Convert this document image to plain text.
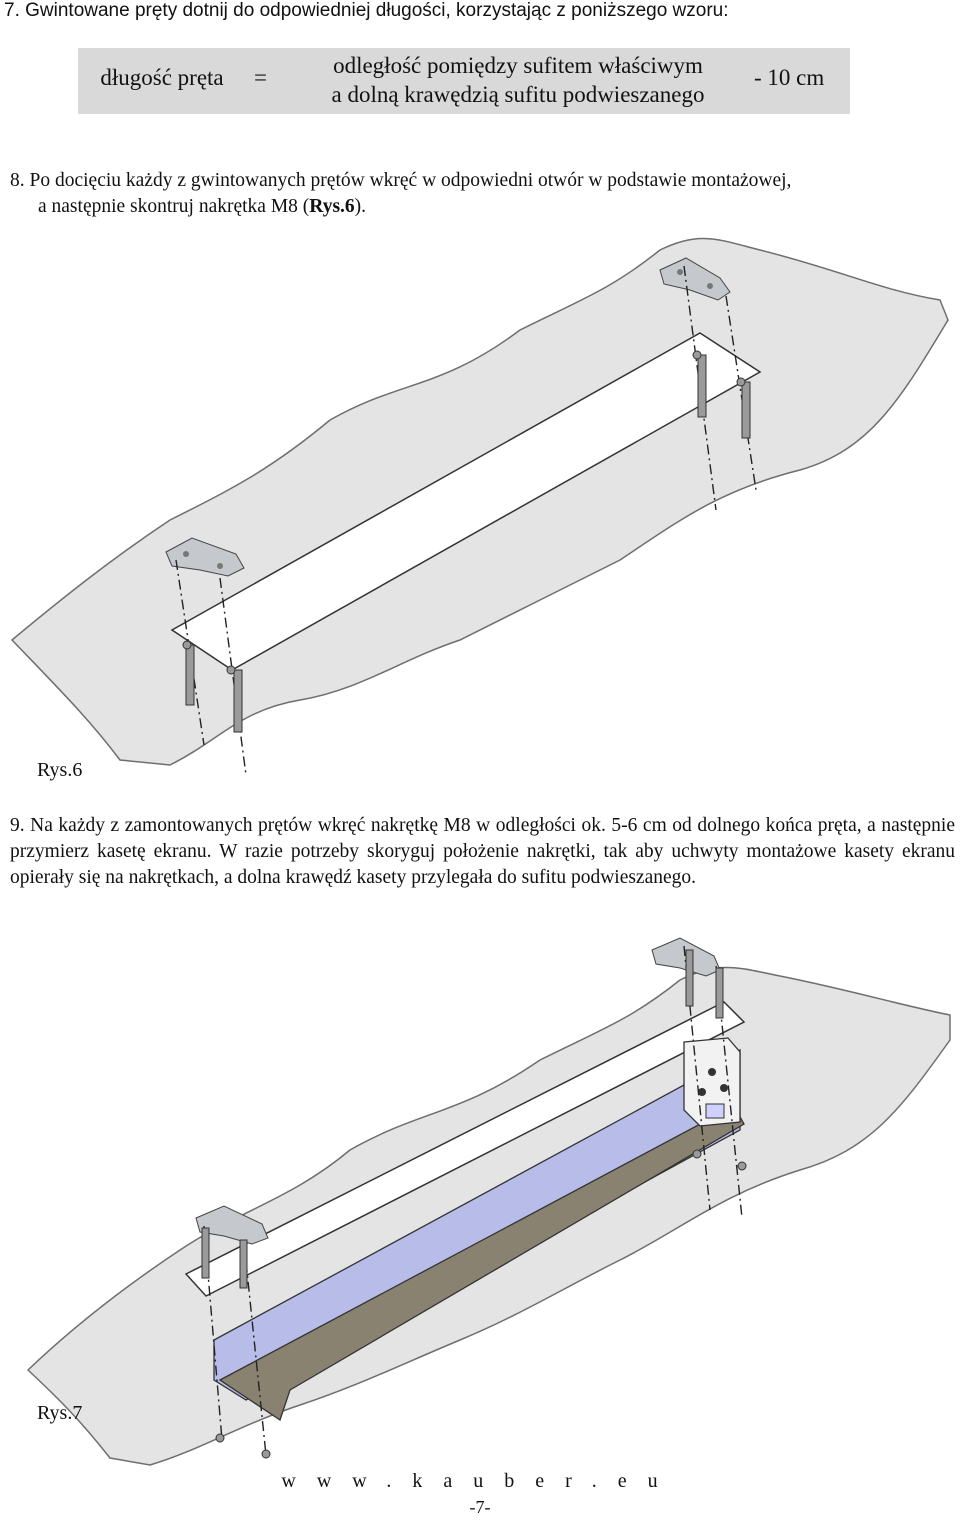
7. Gwintowane pręty dotnij do odpowiedniej długości, korzystając z poniższego wzoru:
długość pręta	=	odległość pomiędzy sufitem właściwym
a dolną krawędzią sufitu podwieszanego
- 10 cm
8. Po docięciu każdy z gwintowanych prętów wkręć w odpowiedni otwór w podstawie montażowej,
a następnie skontruj nakrętka M8 (Rys.6).
Rys.6
9. Na każdy z zamontowanych prętów wkręć nakrętkę M8 w odległości ok. 5-6 cm od dolnego końca pręta, a następnie przymierz kasetę ekranu. W razie potrzeby skoryguj położenie nakrętki, tak aby uchwyty montażowe kasety ekranu opierały się na nakrętkach, a dolna krawędź kasety przylegała do sufitu podwieszanego.
Rys.7
www.kauber.eu
-7-
